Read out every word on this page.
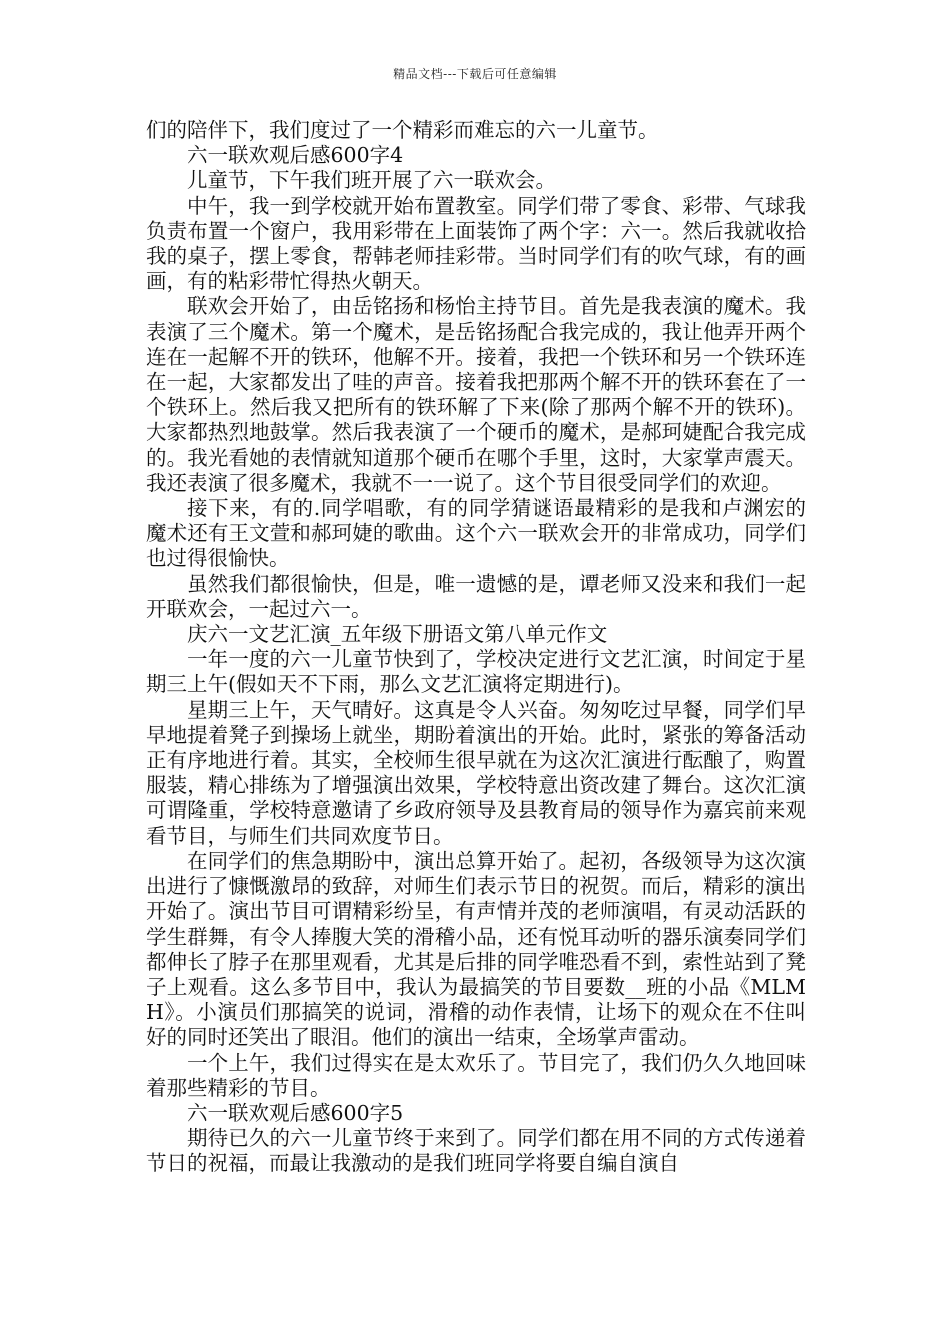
精品文档---下载后可任意编辑

们的陪伴下，我们度过了一个精彩而难忘的六一儿童节。

六一联欢观后感600字4

儿童节，下午我们班开展了六一联欢会。

中午，我一到学校就开始布置教室。同学们带了零食、彩带、气球我负责布置一个窗户，我用彩带在上面装饰了两个字：六一。然后我就收拾我的桌子，摆上零食，帮韩老师挂彩带。当时同学们有的吹气球，有的画画，有的粘彩带忙得热火朝天。

联欢会开始了，由岳铭扬和杨怡主持节目。首先是我表演的魔术。我表演了三个魔术。第一个魔术，是岳铭扬配合我完成的，我让他弄开两个连在一起解不开的铁环，他解不开。接着，我把一个铁环和另一个铁环连在一起，大家都发出了哇的声音。接着我把那两个解不开的铁环套在了一个铁环上。然后我又把所有的铁环解了下来(除了那两个解不开的铁环)。大家都热烈地鼓掌。然后我表演了一个硬币的魔术，是郝珂婕配合我完成的。我光看她的表情就知道那个硬币在哪个手里，这时，大家掌声震天。我还表演了很多魔术，我就不一一说了。这个节目很受同学们的欢迎。

接下来，有的.同学唱歌，有的同学猜谜语最精彩的是我和卢渊宏的魔术还有王文萱和郝珂婕的歌曲。这个六一联欢会开的非常成功，同学们也过得很愉快。

虽然我们都很愉快，但是，唯一遗憾的是，谭老师又没来和我们一起开联欢会，一起过六一。

庆六一文艺汇演_五年级下册语文第八单元作文

一年一度的六一儿童节快到了，学校决定进行文艺汇演，时间定于星期三上午(假如天不下雨，那么文艺汇演将定期进行)。

星期三上午，天气晴好。这真是令人兴奋。匆匆吃过早餐，同学们早早地提着凳子到操场上就坐，期盼着演出的开始。此时，紧张的筹备活动正有序地进行着。其实，全校师生很早就在为这次汇演进行酝酿了，购置服装，精心排练为了增强演出效果，学校特意出资改建了舞台。这次汇演可谓隆重，学校特意邀请了乡政府领导及县教育局的领导作为嘉宾前来观看节目，与师生们共同欢度节日。

在同学们的焦急期盼中，演出总算开始了。起初，各级领导为这次演出进行了慷慨激昂的致辞，对师生们表示节日的祝贺。而后，精彩的演出开始了。演出节目可谓精彩纷呈，有声情并茂的老师演唱，有灵动活跃的学生群舞，有令人捧腹大笑的滑稽小品，还有悦耳动听的器乐演奏同学们都伸长了脖子在那里观看，尤其是后排的同学唯恐看不到，索性站到了凳子上观看。这么多节目中，我认为最搞笑的节目要数__班的小品《MLMH》。小演员们那搞笑的说词，滑稽的动作表情，让场下的观众在不住叫好的同时还笑出了眼泪。他们的演出一结束，全场掌声雷动。

一个上午，我们过得实在是太欢乐了。节目完了，我们仍久久地回味着那些精彩的节目。

六一联欢观后感600字5

期待已久的六一儿童节终于来到了。同学们都在用不同的方式传递着节日的祝福，而最让我激动的是我们班同学将要自编自演自
